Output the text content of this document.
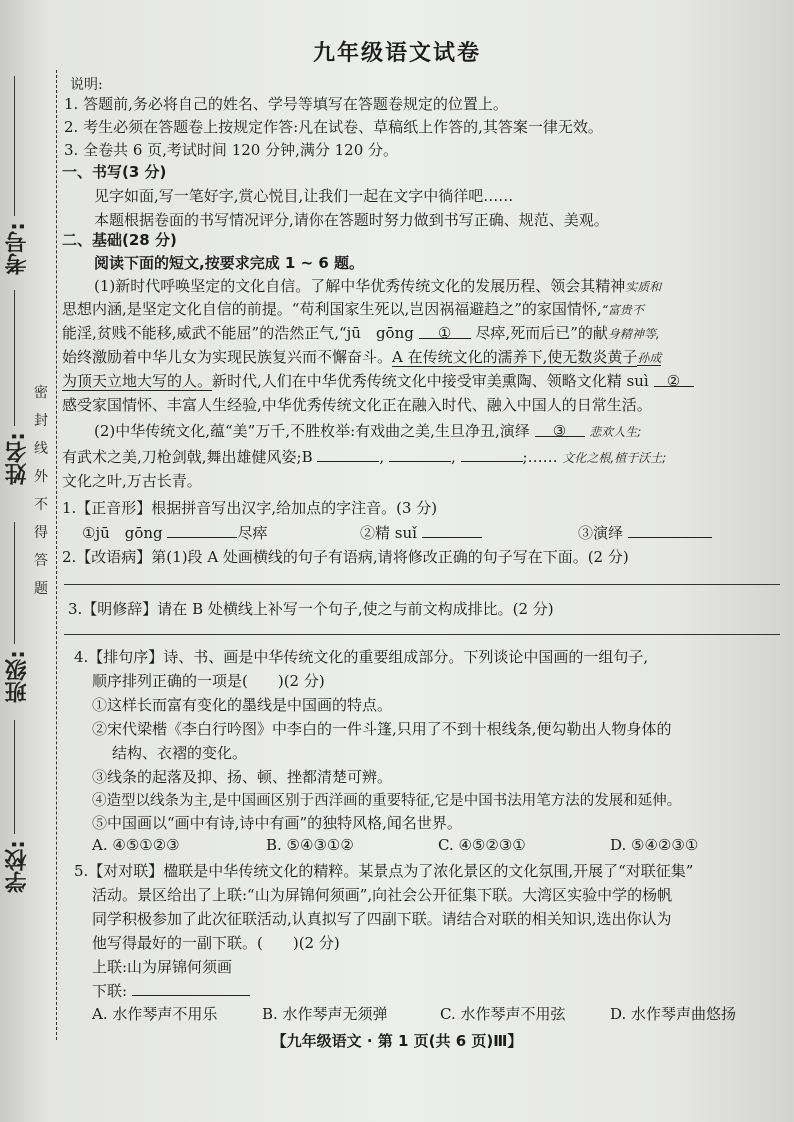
考号:
姓名:
班级:
学校:
密
封
线
外
不
得
答
题
九年级语文试卷
说明:
1. 答题前,务必将自己的姓名、学号等填写在答题卷规定的位置上。
2. 考生必须在答题卷上按规定作答:凡在试卷、草稿纸上作答的,其答案一律无效。
3. 全卷共 6 页,考试时间 120 分钟,满分 120 分。
一、书写(3 分)
见字如面,写一笔好字,赏心悦目,让我们一起在文字中徜徉吧……
本题根据卷面的书写情况评分,请你在答题时努力做到书写正确、规范、美观。
二、基础(28 分)
阅读下面的短文,按要求完成 1 ~ 6 题。
(1)新时代呼唤坚定的文化自信。了解中华优秀传统文化的发展历程、领会其精神实质和
思想内涵,是坚定文化自信的前提。“苟利国家生死以,岂因祸福避趋之”的家国情怀,“富贵不
能淫,贫贱不能移,威武不能屈”的浩然正气,“jū　gōng ① 尽瘁,死而后已”的献身精神等,
始终激励着中华儿女为实现民族复兴而不懈奋斗。A 在传统文化的濡养下,使无数炎黄子孙成
为顶天立地大写的人。新时代,人们在中华优秀传统文化中接受审美熏陶、领略文化精 suì ②
感受家国情怀、丰富人生经验,中华优秀传统文化正在融入时代、融入中国人的日常生活。
(2)中华传统文化,蕴“美”万千,不胜枚举:有戏曲之美,生旦净丑,演绎 ③ 悲欢人生;
有武术之美,刀枪剑戟,舞出雄健风姿;B	,	,	;…… 文化之根,植于沃土;
文化之叶,万古长青。
1.【正音形】根据拼音写出汉字,给加点的字注音。(3 分)
①jū　gōng	尽瘁	②精 suǐ	③演绎
2.【改语病】第(1)段 A 处画横线的句子有语病,请将修改正确的句子写在下面。(2 分)
3.【明修辞】请在 B 处横线上补写一个句子,使之与前文构成排比。(2 分)
4.【排句序】诗、书、画是中华传统文化的重要组成部分。下列谈论中国画的一组句子,
顺序排列正确的一项是(　　)(2 分)
①这样长而富有变化的墨线是中国画的特点。
②宋代梁楷《李白行吟图》中李白的一件斗篷,只用了不到十根线条,便勾勒出人物身体的
结构、衣褶的变化。
③线条的起落及抑、扬、顿、挫都清楚可辨。
④造型以线条为主,是中国画区别于西洋画的重要特征,它是中国书法用笔方法的发展和延伸。
⑤中国画以“画中有诗,诗中有画”的独特风格,闻名世界。
A. ④⑤①②③	B. ⑤④③①②	C. ④⑤②③①	D. ⑤④②③①
5.【对对联】楹联是中华传统文化的精粹。某景点为了浓化景区的文化氛围,开展了“对联征集”
活动。景区给出了上联:“山为屏锦何须画”,向社会公开征集下联。大湾区实验中学的杨帆
同学积极参加了此次征联活动,认真拟写了四副下联。请结合对联的相关知识,选出你认为
他写得最好的一副下联。(　　)(2 分)
上联:山为屏锦何须画
下联:
A. 水作琴声不用乐	B. 水作琴声无须弹	C. 水作琴声不用弦	D. 水作琴声曲悠扬
【九年级语文 · 第 1 页(共 6 页)Ⅲ】
